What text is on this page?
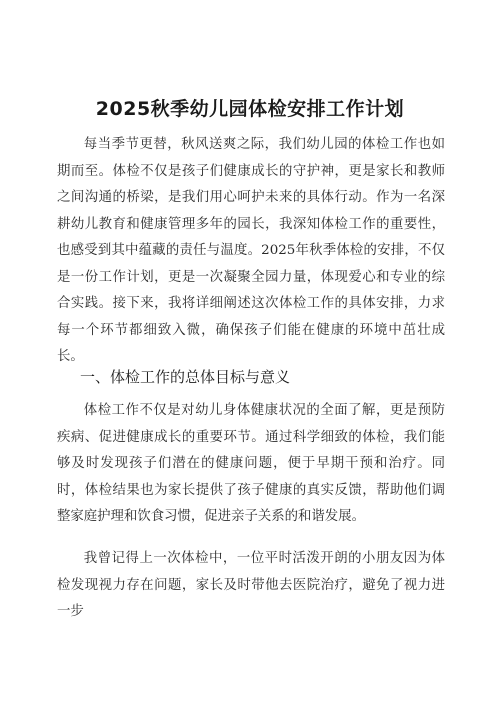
2025秋季幼儿园体检安排工作计划

每当季节更替，秋风送爽之际，我们幼儿园的体检工作也如期而至。体检不仅是孩子们健康成长的守护神，更是家长和教师之间沟通的桥梁，是我们用心呵护未来的具体行动。作为一名深耕幼儿教育和健康管理多年的园长，我深知体检工作的重要性，也感受到其中蕴藏的责任与温度。2025年秋季体检的安排，不仅是一份工作计划，更是一次凝聚全园力量，体现爱心和专业的综合实践。接下来，我将详细阐述这次体检工作的具体安排，力求每一个环节都细致入微，确保孩子们能在健康的环境中茁壮成长。

一、体检工作的总体目标与意义

体检工作不仅是对幼儿身体健康状况的全面了解，更是预防疾病、促进健康成长的重要环节。通过科学细致的体检，我们能够及时发现孩子们潜在的健康问题，便于早期干预和治疗。同时，体检结果也为家长提供了孩子健康的真实反馈，帮助他们调整家庭护理和饮食习惯，促进亲子关系的和谐发展。

我曾记得上一次体检中，一位平时活泼开朗的小朋友因为体检发现视力存在问题，家长及时带他去医院治疗，避免了视力进一步
